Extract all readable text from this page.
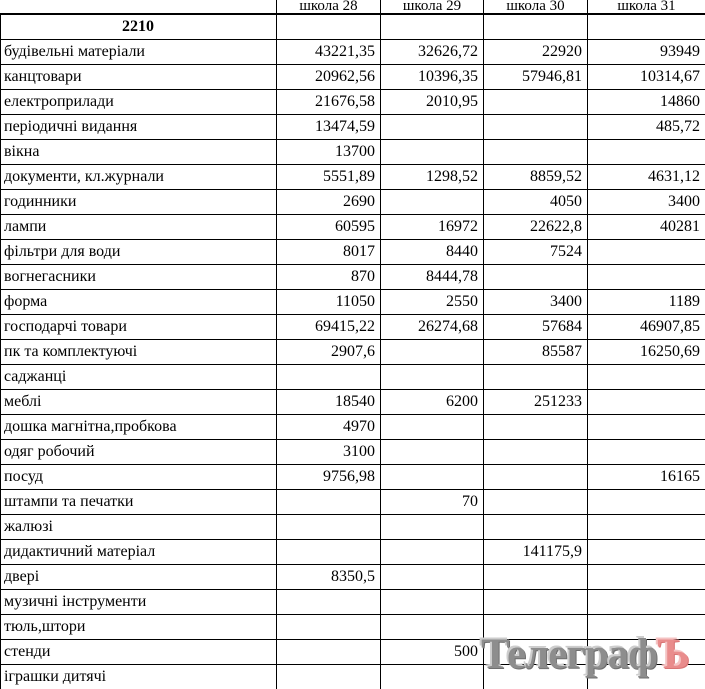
	школа 28	школа 29	школа 30	школа 31
2210				
будівельні матеріали	43221,35	32626,72	22920	93949
канцтовари	20962,56	10396,35	57946,81	10314,67
електроприлади	21676,58	2010,95		14860
періодичні видання	13474,59			485,72
вікна	13700			
документи, кл.журнали	5551,89	1298,52	8859,52	4631,12
годинники	2690		4050	3400
лампи	60595	16972	22622,8	40281
фільтри для води	8017	8440	7524	
вогнегасники	870	8444,78		
форма	11050	2550	3400	1189
господарчі товари	69415,22	26274,68	57684	46907,85
пк та комплектуючі	2907,6		85587	16250,69
саджанці				
меблі	18540	6200	251233	
дошка магнітна,пробкова	4970			
одяг робочий	3100			
посуд	9756,98			16165
штампи та печатки		70		
жалюзі				
дидактичний матеріал			141175,9	
двері	8350,5			
музичні інструменти				
тюль,штори				
стенди		500		
іграшки дитячі					ТелеграфЪ
